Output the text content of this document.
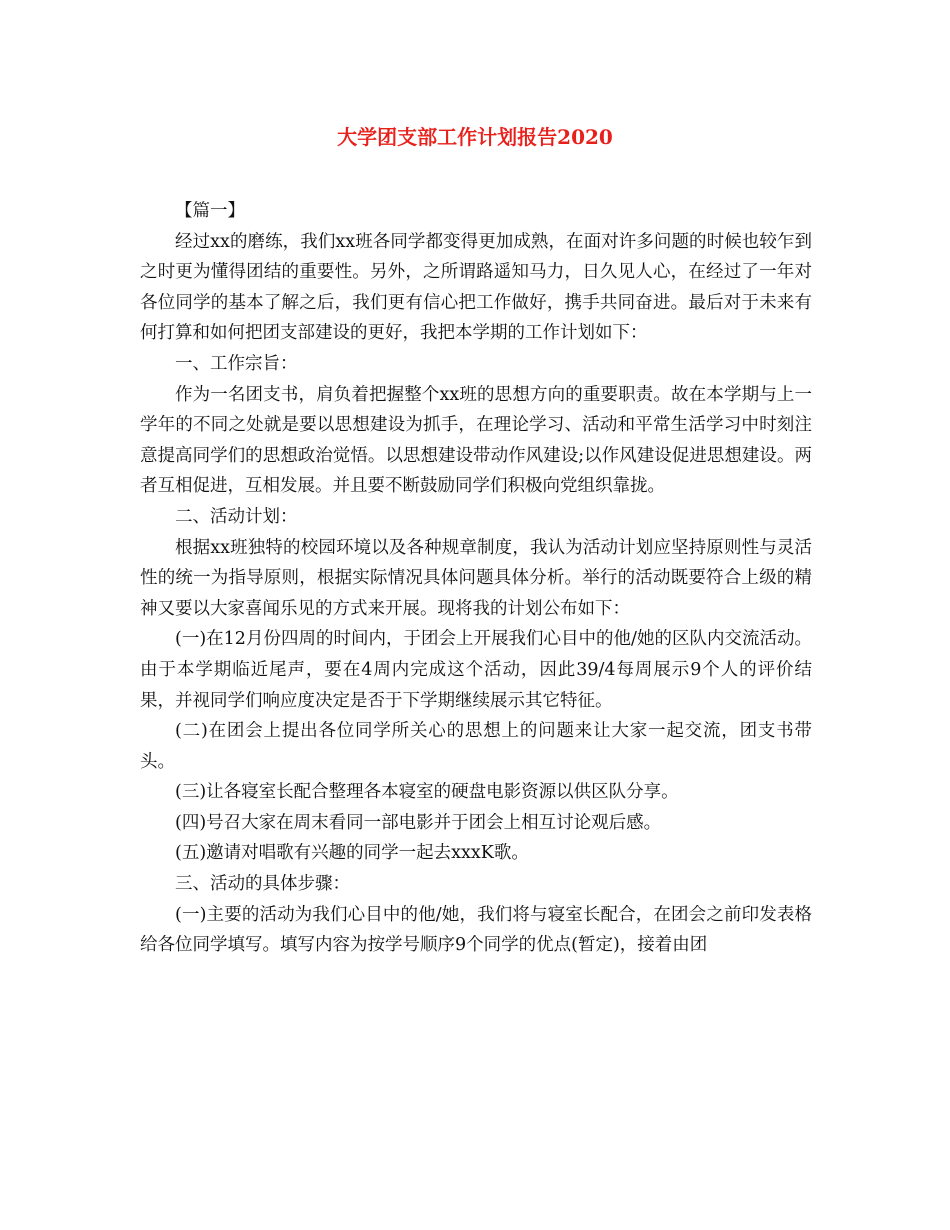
大学团支部工作计划报告2020

【篇一】

经过xx的磨练，我们xx班各同学都变得更加成熟，在面对许多问题的时候也较乍到之时更为懂得团结的重要性。另外，之所谓路遥知马力，日久见人心，在经过了一年对各位同学的基本了解之后，我们更有信心把工作做好，携手共同奋进。最后对于未来有何打算和如何把团支部建设的更好，我把本学期的工作计划如下：

一、工作宗旨：

作为一名团支书，肩负着把握整个xx班的思想方向的重要职责。故在本学期与上一学年的不同之处就是要以思想建设为抓手，在理论学习、活动和平常生活学习中时刻注意提高同学们的思想政治觉悟。以思想建设带动作风建设;以作风建设促进思想建设。两者互相促进，互相发展。并且要不断鼓励同学们积极向党组织靠拢。

二、活动计划：

根据xx班独特的校园环境以及各种规章制度，我认为活动计划应坚持原则性与灵活性的统一为指导原则，根据实际情况具体问题具体分析。举行的活动既要符合上级的精神又要以大家喜闻乐见的方式来开展。现将我的计划公布如下：

(一)在12月份四周的时间内，于团会上开展我们心目中的他/她的区队内交流活动。由于本学期临近尾声，要在4周内完成这个活动，因此39/4每周展示9个人的评价结果，并视同学们响应度决定是否于下学期继续展示其它特征。

(二)在团会上提出各位同学所关心的思想上的问题来让大家一起交流，团支书带头。

(三)让各寝室长配合整理各本寝室的硬盘电影资源以供区队分享。

(四)号召大家在周末看同一部电影并于团会上相互讨论观后感。

(五)邀请对唱歌有兴趣的同学一起去xxxK歌。

三、活动的具体步骤：

(一)主要的活动为我们心目中的他/她，我们将与寝室长配合，在团会之前印发表格给各位同学填写。填写内容为按学号顺序9个同学的优点(暂定)，接着由团
